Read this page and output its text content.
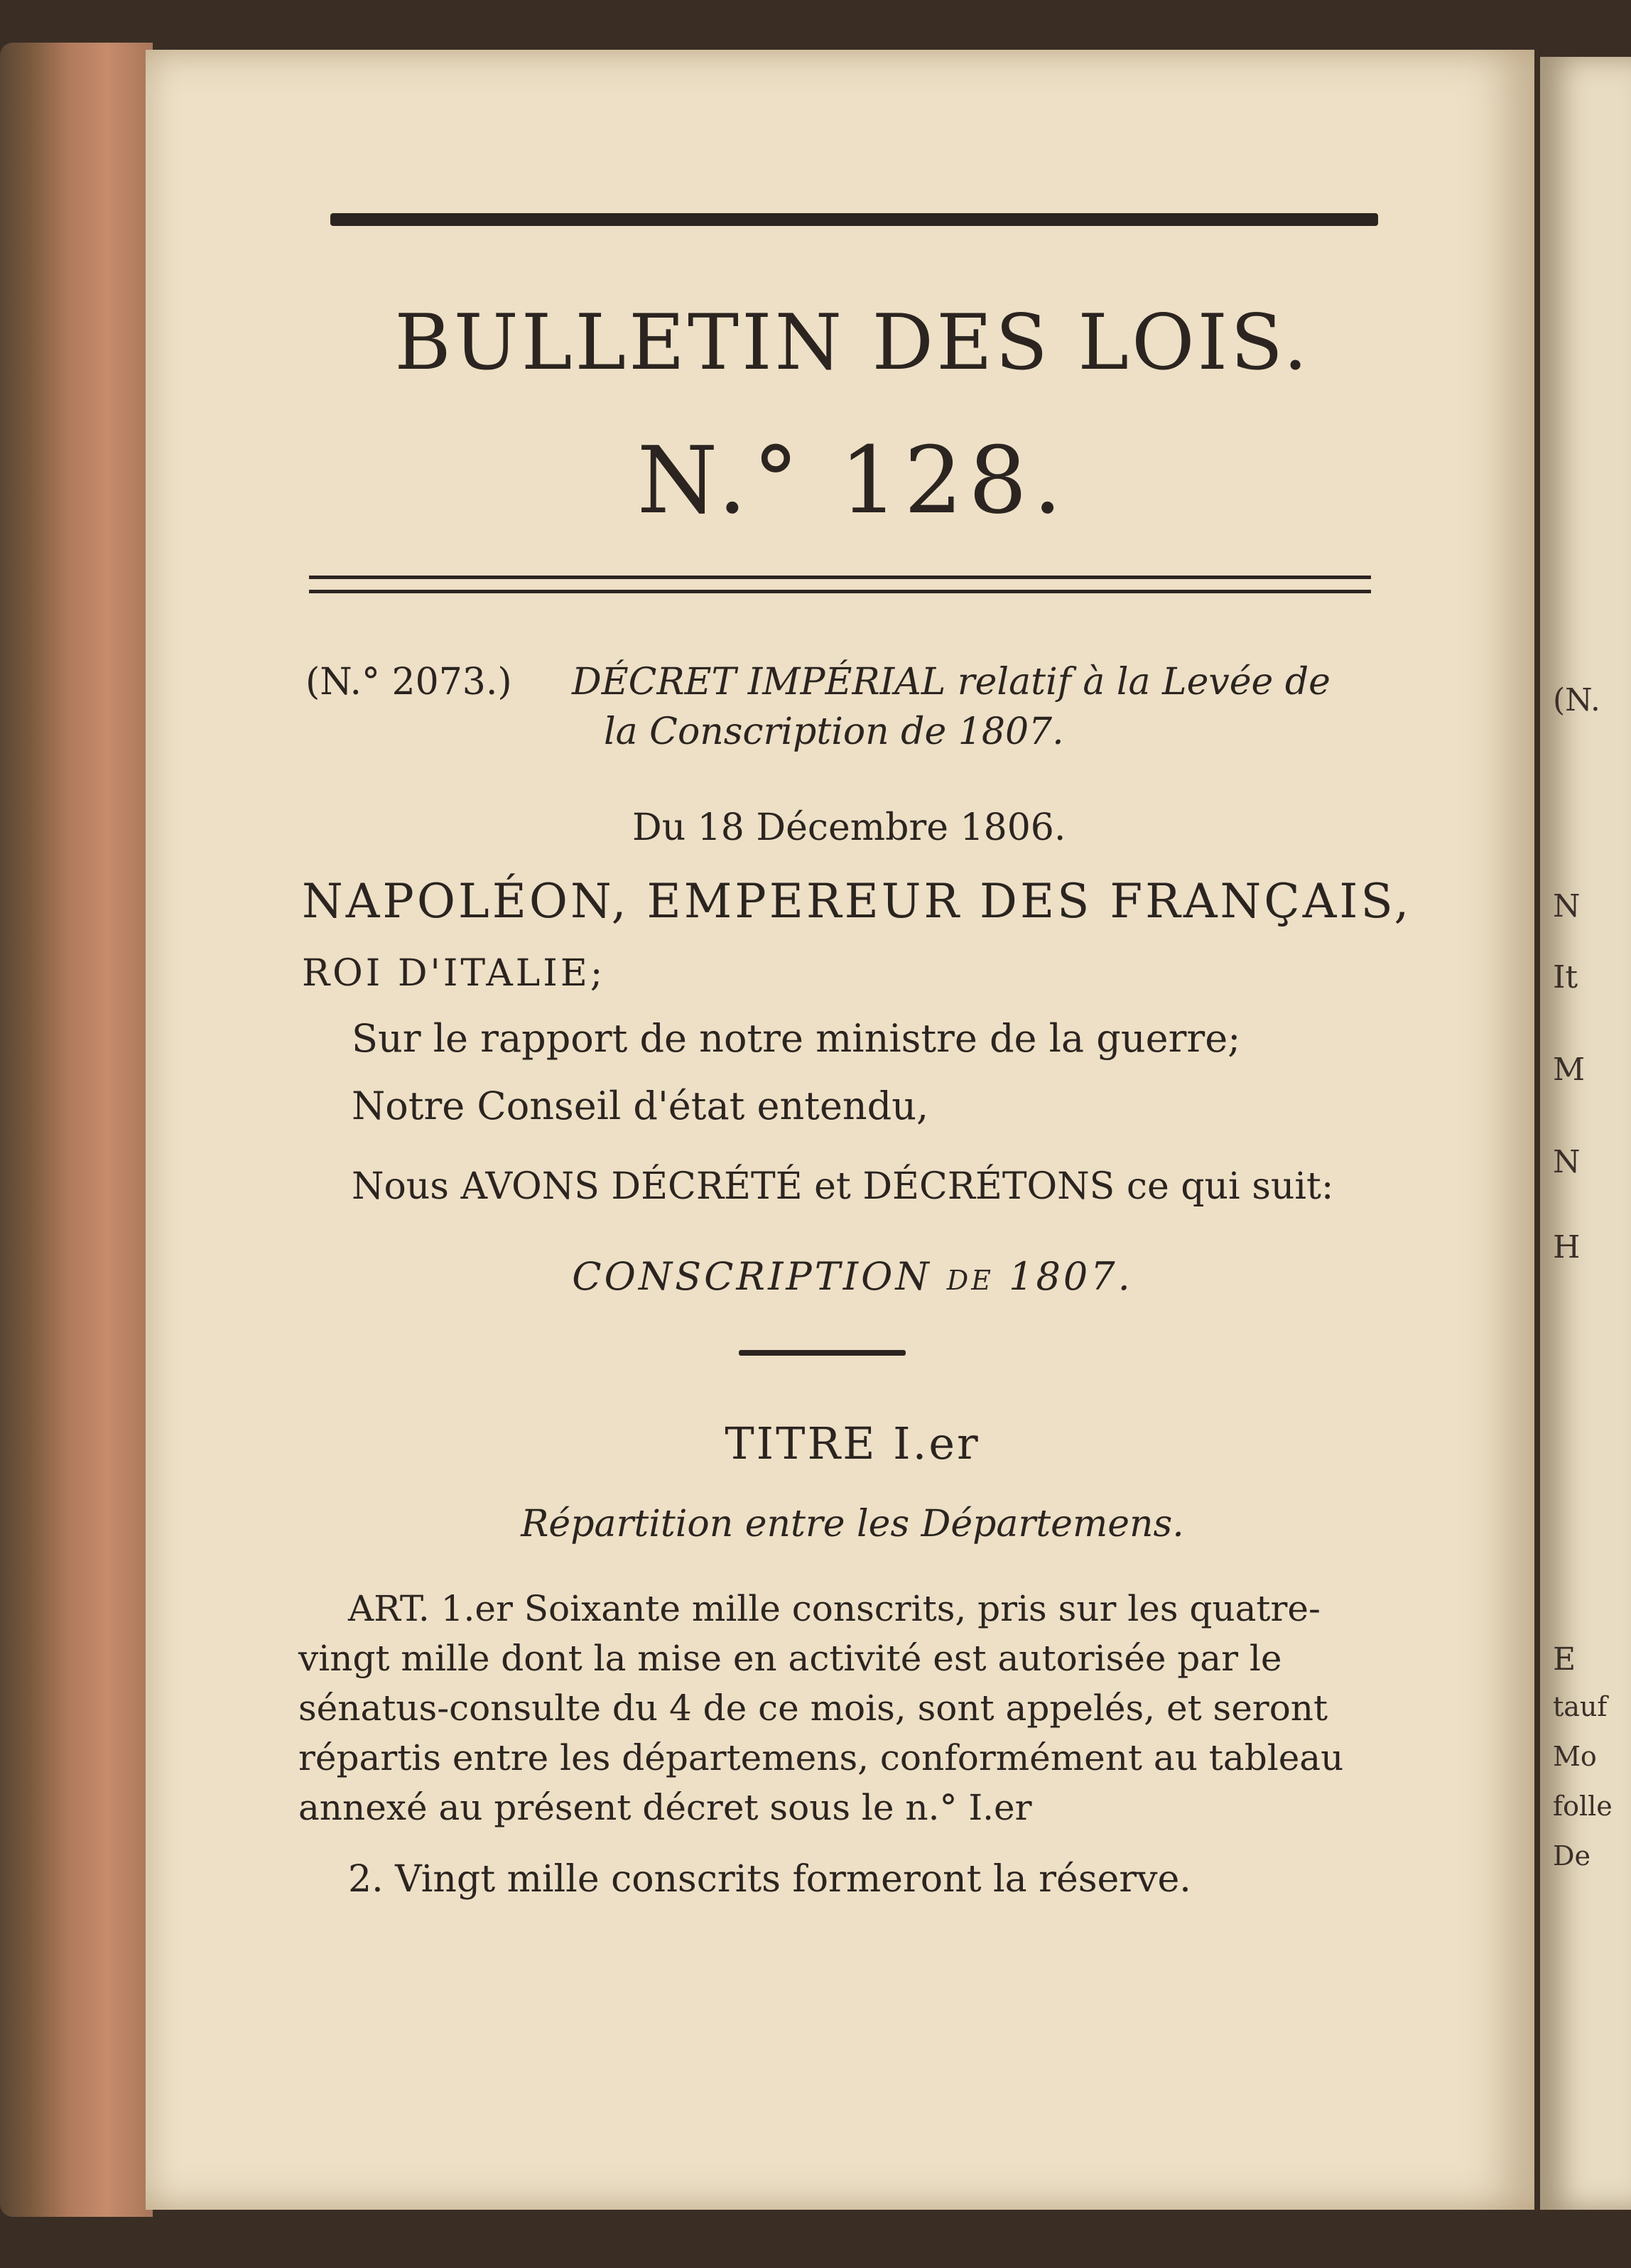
(N.
N
It
M
N
H
E
tauf
Mo
folle
De
BULLETIN DES LOIS.
N.° 128.
(N.° 2073.) DÉCRET IMPÉRIAL relatif à la Levée de
la Conscription de 1807.
Du 18 Décembre 1806.
NAPOLÉON, EMPEREUR DES FRANÇAIS,
ROI D'ITALIE;
Sur le rapport de notre ministre de la guerre;
Notre Conseil d'état entendu,
Nous AVONS DÉCRÉTÉ et DÉCRÉTONS ce qui suit:
CONSCRIPTION de 1807.
TITRE I.er
Répartition entre les Départemens.
ART. 1.er Soixante mille conscrits, pris sur les quatre-
vingt mille dont la mise en activité est autorisée par le
sénatus-consulte du 4 de ce mois, sont appelés, et seront
répartis entre les départemens, conformément au tableau
annexé au présent décret sous le n.° I.er
2. Vingt mille conscrits formeront la réserve.
